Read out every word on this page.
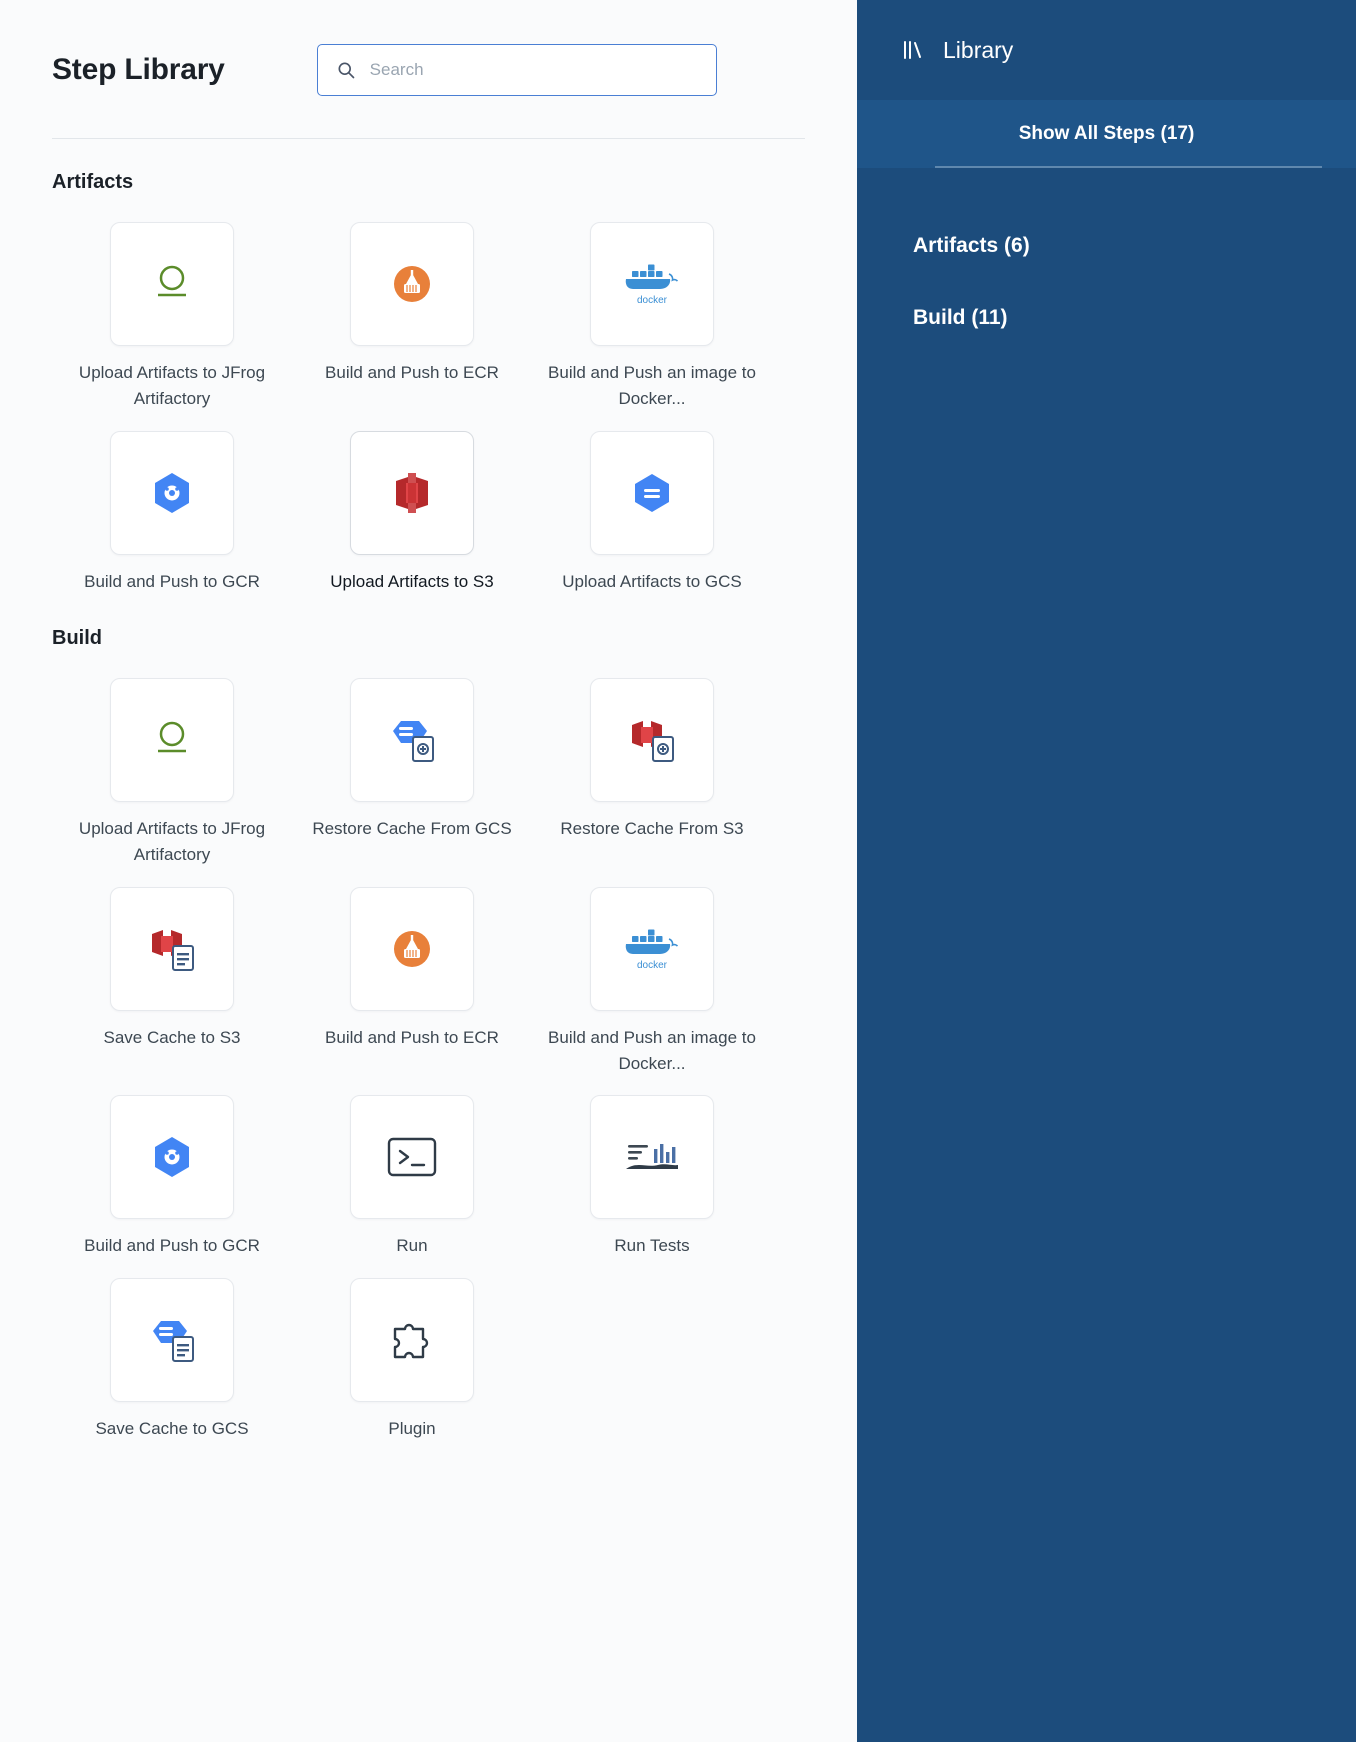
Step Library
Search
Artifacts
Upload Artifacts to JFrog Artifactory
Build and Push to ECR
docker
Build and Push an image to Docker...
Build and Push to GCR	Upload Artifacts to S3	Upload Artifacts to GCS
Build
Upload Artifacts to JFrog Artifactory
Restore Cache From GCS	Restore Cache From S3
Save Cache to S3	Build and Push to ECR
docker
Build and Push an image to Docker...
Build and Push to GCR	Run	Run Tests
Save Cache to GCS	Plugin
Library
Show All Steps (17)
Artifacts (6)
Build (11)
